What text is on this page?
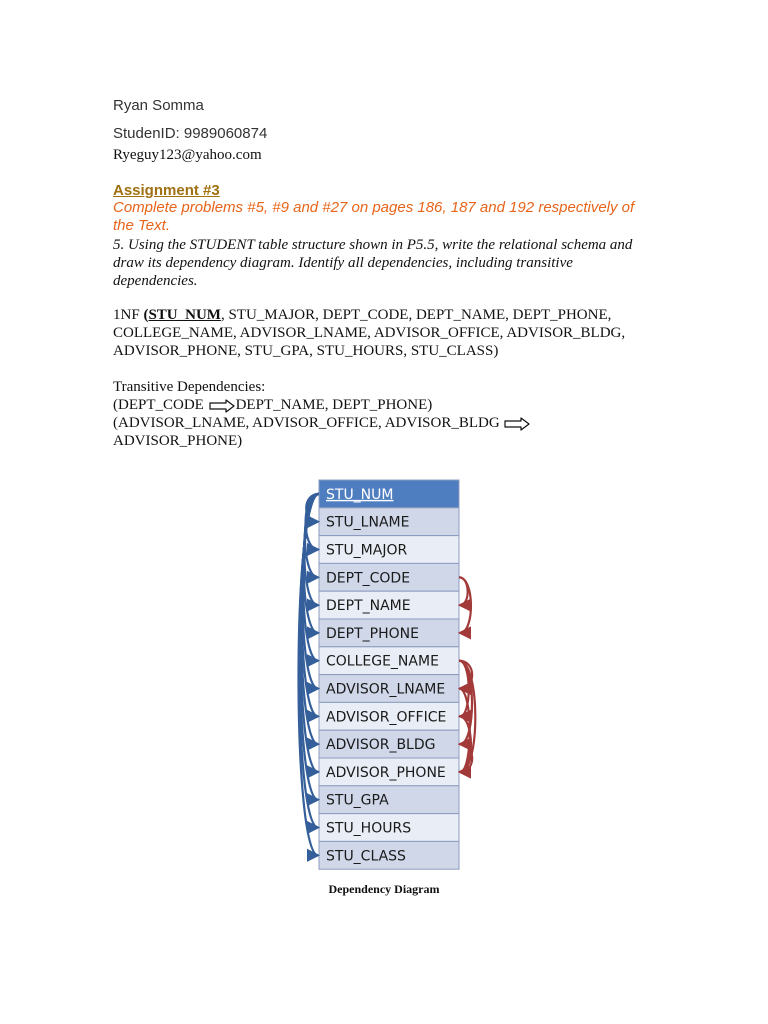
Ryan Somma
StudenID: 9989060874
Ryeguy123@yahoo.com
Assignment #3
Complete problems #5, #9 and #27 on pages 186, 187 and 192 respectively of the Text.
5. Using the STUDENT table structure shown in P5.5, write the relational schema and draw its dependency diagram. Identify all dependencies, including transitive dependencies.
1NF (STU_NUM, STU_MAJOR, DEPT_CODE, DEPT_NAME, DEPT_PHONE, COLLEGE_NAME, ADVISOR_LNAME, ADVISOR_OFFICE, ADVISOR_BLDG, ADVISOR_PHONE, STU_GPA, STU_HOURS, STU_CLASS)
Transitive Dependencies:
(DEPT_CODE DEPT_NAME, DEPT_PHONE)
(ADVISOR_LNAME, ADVISOR_OFFICE, ADVISOR_BLDG
ADVISOR_PHONE)
STU_NUM
STU_LNAME
STU_MAJOR
DEPT_CODE
DEPT_NAME
DEPT_PHONE
COLLEGE_NAME
ADVISOR_LNAME
ADVISOR_OFFICE
ADVISOR_BLDG
ADVISOR_PHONE
STU_GPA
STU_HOURS
STU_CLASS
Dependency Diagram
